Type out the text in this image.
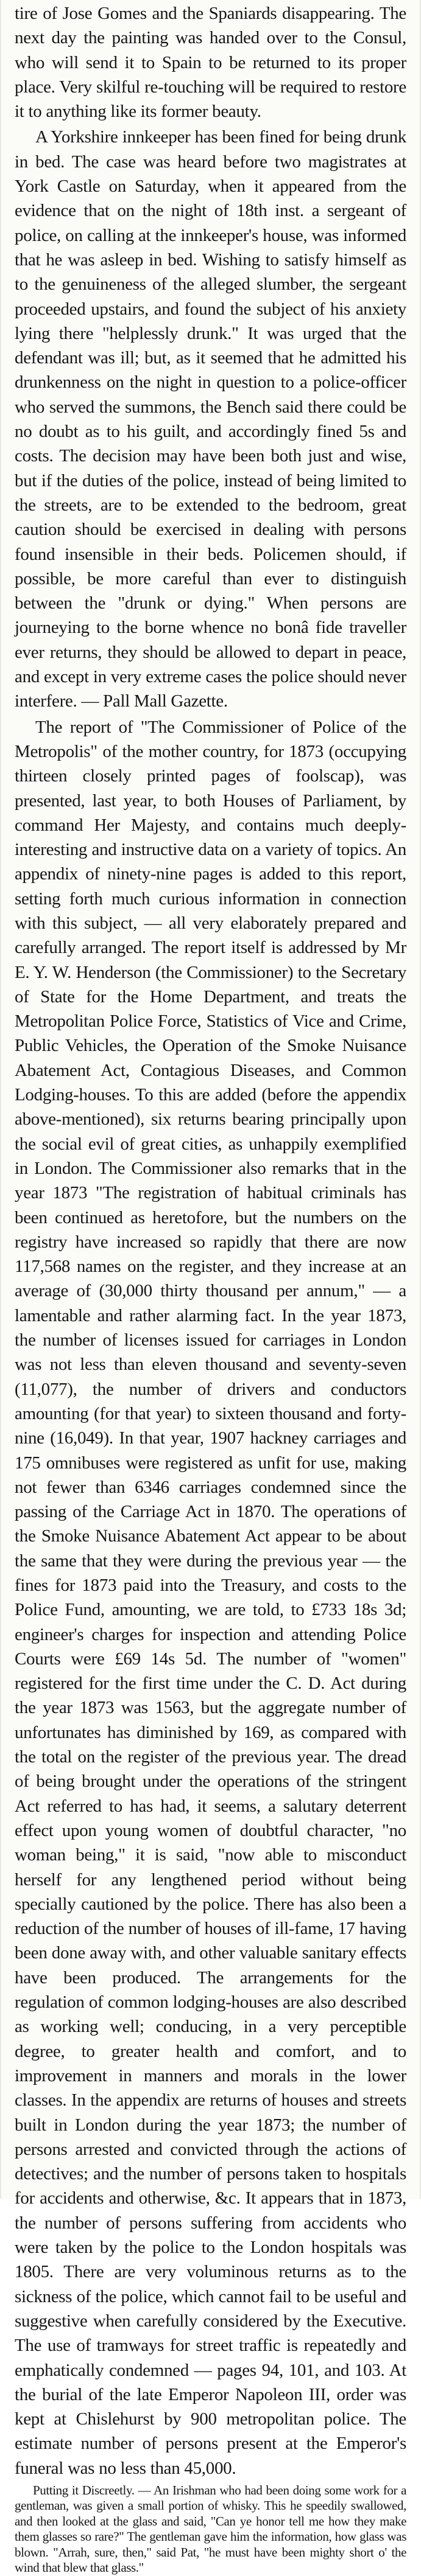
tire of Jose Gomes and the Spaniards disappearing. The next day the painting was handed over to the Consul, who will send it to Spain to be returned to its proper place. Very skilful re-touching will be required to restore it to anything like its former beauty.

A Yorkshire innkeeper has been fined for being drunk in bed. The case was heard before two magistrates at York Castle on Saturday, when it appeared from the evidence that on the night of 18th inst. a sergeant of police, on calling at the innkeeper's house, was informed that he was asleep in bed. Wishing to satisfy himself as to the genuineness of the alleged slumber, the sergeant proceeded upstairs, and found the subject of his anxiety lying there "helplessly drunk." It was urged that the defendant was ill; but, as it seemed that he admitted his drunkenness on the night in question to a police-officer who served the summons, the Bench said there could be no doubt as to his guilt, and accordingly fined 5s and costs. The decision may have been both just and wise, but if the duties of the police, instead of being limited to the streets, are to be extended to the bedroom, great caution should be exercised in dealing with persons found insensible in their beds. Policemen should, if possible, be more careful than ever to distinguish between the "drunk or dying." When persons are journeying to the borne whence no bonâ fide traveller ever returns, they should be allowed to depart in peace, and except in very extreme cases the police should never interfere. — Pall Mall Gazette.

The report of "The Commissioner of Police of the Metropolis" of the mother country, for 1873 (occupying thirteen closely printed pages of foolscap), was presented, last year, to both Houses of Parliament, by command Her Majesty, and contains much deeply-interesting and instructive data on a variety of topics. An appendix of ninety-nine pages is added to this report, setting forth much curious information in connection with this subject, — all very elaborately prepared and carefully arranged. The report itself is addressed by Mr E. Y. W. Henderson (the Commissioner) to the Secretary of State for the Home Department, and treats the Metropolitan Police Force, Statistics of Vice and Crime, Public Vehicles, the Operation of the Smoke Nuisance Abatement Act, Contagious Diseases, and Common Lodging-houses. To this are added (before the appendix above-mentioned), six returns bearing principally upon the social evil of great cities, as unhappily exemplified in London. The Commissioner also remarks that in the year 1873 "The registration of habitual criminals has been continued as heretofore, but the numbers on the registry have increased so rapidly that there are now 117,568 names on the register, and they increase at an average of (30,000 thirty thousand per annum," — a lamentable and rather alarming fact. In the year 1873, the number of licenses issued for carriages in London was not less than eleven thousand and seventy-seven (11,077), the number of drivers and conductors amounting (for that year) to sixteen thousand and forty-nine (16,049). In that year, 1907 hackney carriages and 175 omnibuses were registered as unfit for use, making not fewer than 6346 carriages condemned since the passing of the Carriage Act in 1870. The operations of the Smoke Nuisance Abatement Act appear to be about the same that they were during the previous year — the fines for 1873 paid into the Treasury, and costs to the Police Fund, amounting, we are told, to £733 18s 3d; engineer's charges for inspection and attending Police Courts were £69 14s 5d. The number of "women" registered for the first time under the C. D. Act during the year 1873 was 1563, but the aggregate number of unfortunates has diminished by 169, as compared with the total on the register of the previous year. The dread of being brought under the operations of the stringent Act referred to has had, it seems, a salutary deterrent effect upon young women of doubtful character, "no woman being," it is said, "now able to misconduct herself for any lengthened period without being specially cautioned by the police. There has also been a reduction of the number of houses of ill-fame, 17 having been done away with, and other valuable sanitary effects have been produced. The arrangements for the regulation of common lodging-houses are also described as working well; conducing, in a very perceptible degree, to greater health and comfort, and to improvement in manners and morals in the lower classes. In the appendix are returns of houses and streets built in London during the year 1873; the number of persons arrested and convicted through the actions of detectives; and the number of persons taken to hospitals for accidents and otherwise, &c. It appears that in 1873, the number of persons suffering from accidents who were taken by the police to the London hospitals was 1805. There are very voluminous returns as to the sickness of the police, which cannot fail to be useful and suggestive when carefully considered by the Executive. The use of tramways for street traffic is repeatedly and emphatically condemned — pages 94, 101, and 103. At the burial of the late Emperor Napoleon III, order was kept at Chislehurst by 900 metropolitan police. The estimate number of persons present at the Emperor's funeral was no less than 45,000.

Putting it Discreetly. — An Irishman who had been doing some work for a gentleman, was given a small portion of whisky. This he speedily swallowed, and then looked at the glass and said, "Can ye honor tell me how they make them glasses so rare?" The gentleman gave him the information, how glass was blown. "Arrah, sure, then," said Pat, "he must have been mighty short o' the wind that blew that glass."
